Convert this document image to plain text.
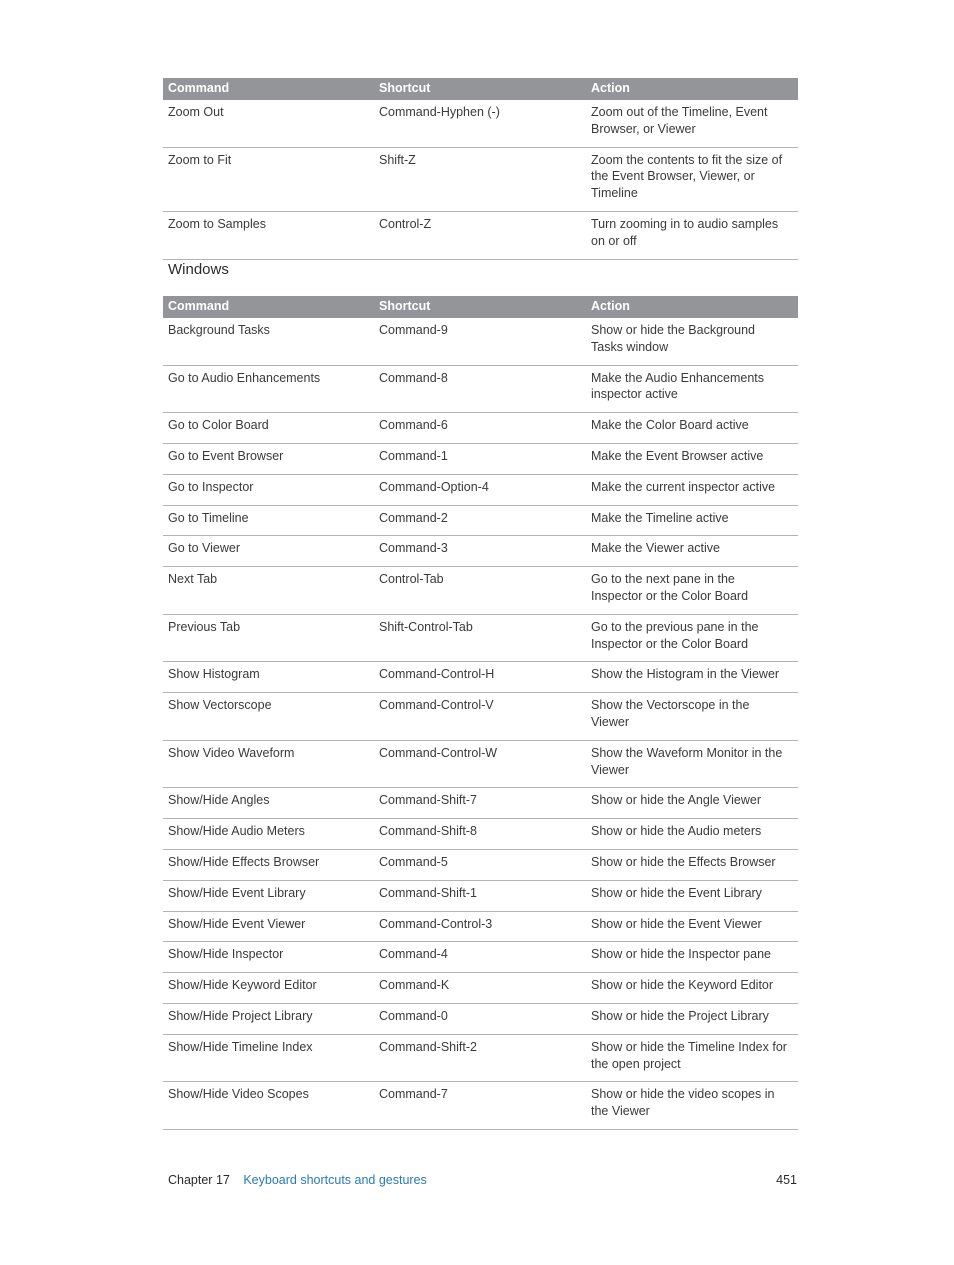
Command	Shortcut	Action
Zoom Out	Command-Hyphen (-)	Zoom out of the Timeline, Event Browser, or Viewer
Zoom to Fit	Shift-Z	Zoom the contents to fit the size of the Event Browser, Viewer, or Timeline
Zoom to Samples	Control-Z	Turn zooming in to audio samples on or off
Windows
Command	Shortcut	Action
Background Tasks	Command-9	Show or hide the Background Tasks window
Go to Audio Enhancements	Command-8	Make the Audio Enhancements inspector active
Go to Color Board	Command-6	Make the Color Board active
Go to Event Browser	Command-1	Make the Event Browser active
Go to Inspector	Command-Option-4	Make the current inspector active
Go to Timeline	Command-2	Make the Timeline active
Go to Viewer	Command-3	Make the Viewer active
Next Tab	Control-Tab	Go to the next pane in the Inspector or the Color Board
Previous Tab	Shift-Control-Tab	Go to the previous pane in the Inspector or the Color Board
Show Histogram	Command-Control-H	Show the Histogram in the Viewer
Show Vectorscope	Command-Control-V	Show the Vectorscope in the Viewer
Show Video Waveform	Command-Control-W	Show the Waveform Monitor in the Viewer
Show/Hide Angles	Command-Shift-7	Show or hide the Angle Viewer
Show/Hide Audio Meters	Command-Shift-8	Show or hide the Audio meters
Show/Hide Effects Browser	Command-5	Show or hide the Effects Browser
Show/Hide Event Library	Command-Shift-1	Show or hide the Event Library
Show/Hide Event Viewer	Command-Control-3	Show or hide the Event Viewer
Show/Hide Inspector	Command-4	Show or hide the Inspector pane
Show/Hide Keyword Editor	Command-K	Show or hide the Keyword Editor
Show/Hide Project Library	Command-0	Show or hide the Project Library
Show/Hide Timeline Index	Command-Shift-2	Show or hide the Timeline Index for the open project
Show/Hide Video Scopes	Command-7	Show or hide the video scopes in the Viewer
Chapter 17 Keyboard shortcuts and gestures	451
